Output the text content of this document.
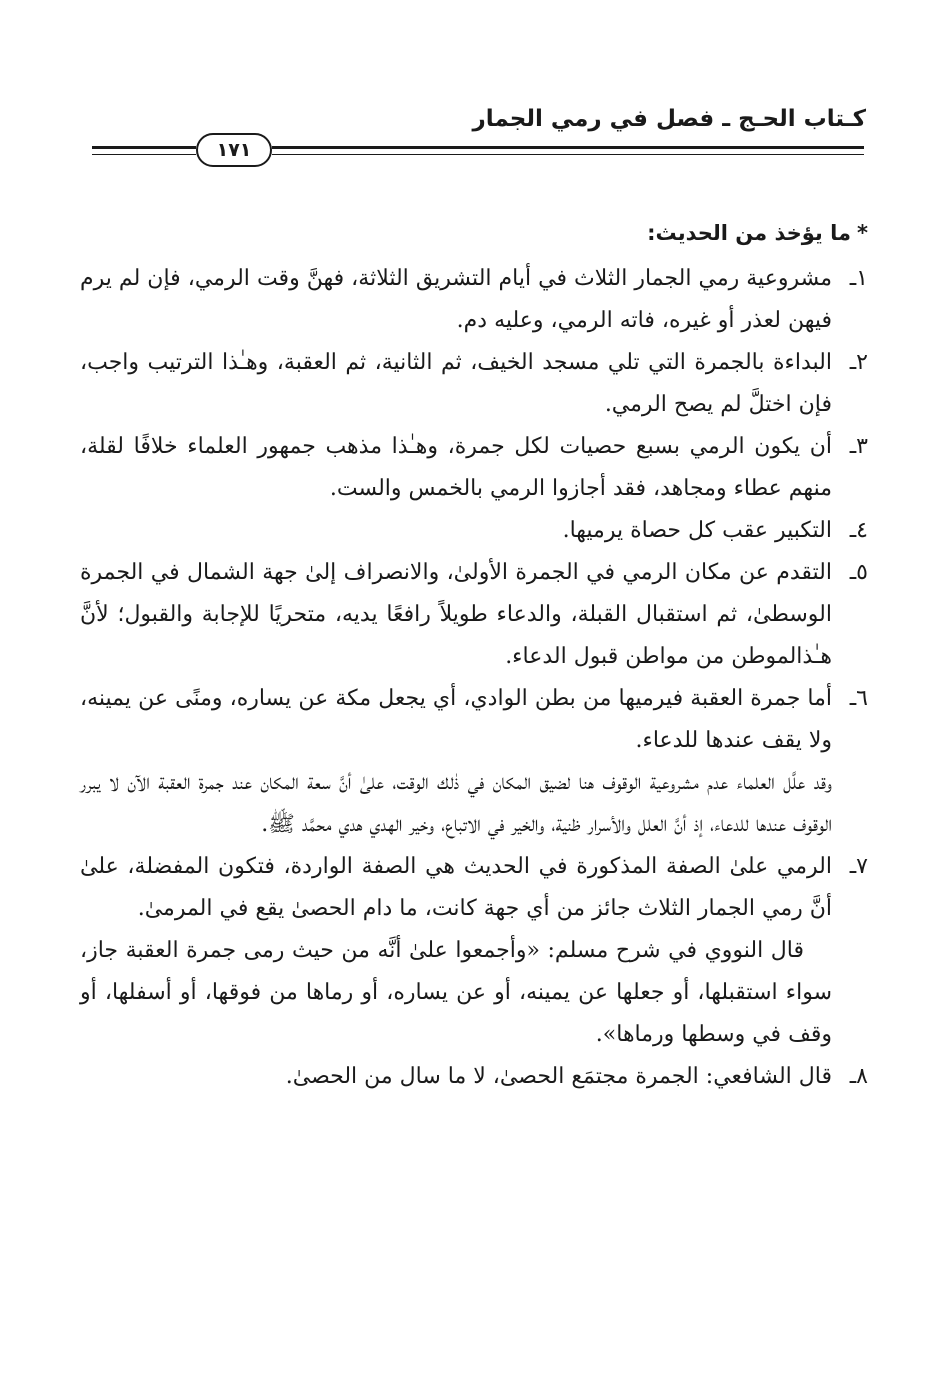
كـتاب الحـج ـ فصل في رمي الجمار
١٧١
*ما يؤخذ من الحديث:
١ـ
مشروعية رمي الجمار الثلاث في أيام التشريق الثلاثة، فهنَّ وقت الرمي، فإن لم يرم فيهن لعذر أو غيره، فاته الرمي، وعليه دم.
٢ـ
البداءة بالجمرة التي تلي مسجد الخيف، ثم الثانية، ثم العقبة، وهـٰذا الترتيب واجب، فإن اختلَّ لم يصح الرمي.
٣ـ
أن يكون الرمي بسبع حصيات لكل جمرة، وهـٰذا مذهب جمهور العلماء خلافًا لقلة، منهم عطاء ومجاهد، فقد أجازوا الرمي بالخمس والست.
٤ـ
التكبير عقب كل حصاة يرميها.
٥ـ
التقدم عن مكان الرمي في الجمرة الأولىٰ، والانصراف إلىٰ جهة الشمال في الجمرة الوسطىٰ، ثم استقبال القبلة، والدعاء طويلاً رافعًا يديه، متحريًا للإجابة والقبول؛ لأنَّ هـٰذالموطن من مواطن قبول الدعاء.
٦ـ
أما جمرة العقبة فيرميها من بطن الوادي، أي يجعل مكة عن يساره، ومنًى عن يمينه، ولا يقف عندها للدعاء.
وقد علَّل العلماء عدم مشروعية الوقوف هنا لضيق المكان في ذٰلك الوقت، علىٰ أنَّ سعة المكان عند جمرة العقبة الآن لا يبرر الوقوف عندها للدعاء، إذ أنَّ العلل والأسرار ظنية، والخير في الاتباع، وخير الهدي هدي محمَّد ﷺ.
٧ـ
الرمي علىٰ الصفة المذكورة في الحديث هي الصفة الواردة، فتكون المفضلة، علىٰ أنَّ رمي الجمار الثلاث جائز من أي جهة كانت، ما دام الحصىٰ يقع في المرمىٰ.
قال النووي في شرح مسلم: «وأجمعوا علىٰ أنَّه من حيث رمى جمرة العقبة جاز، سواء استقبلها، أو جعلها عن يمينه، أو عن يساره، أو رماها من فوقها، أو أسفلها، أو وقف في وسطها ورماها».
٨ـ
قال الشافعي: الجمرة مجتمَع الحصىٰ، لا ما سال من الحصىٰ.
